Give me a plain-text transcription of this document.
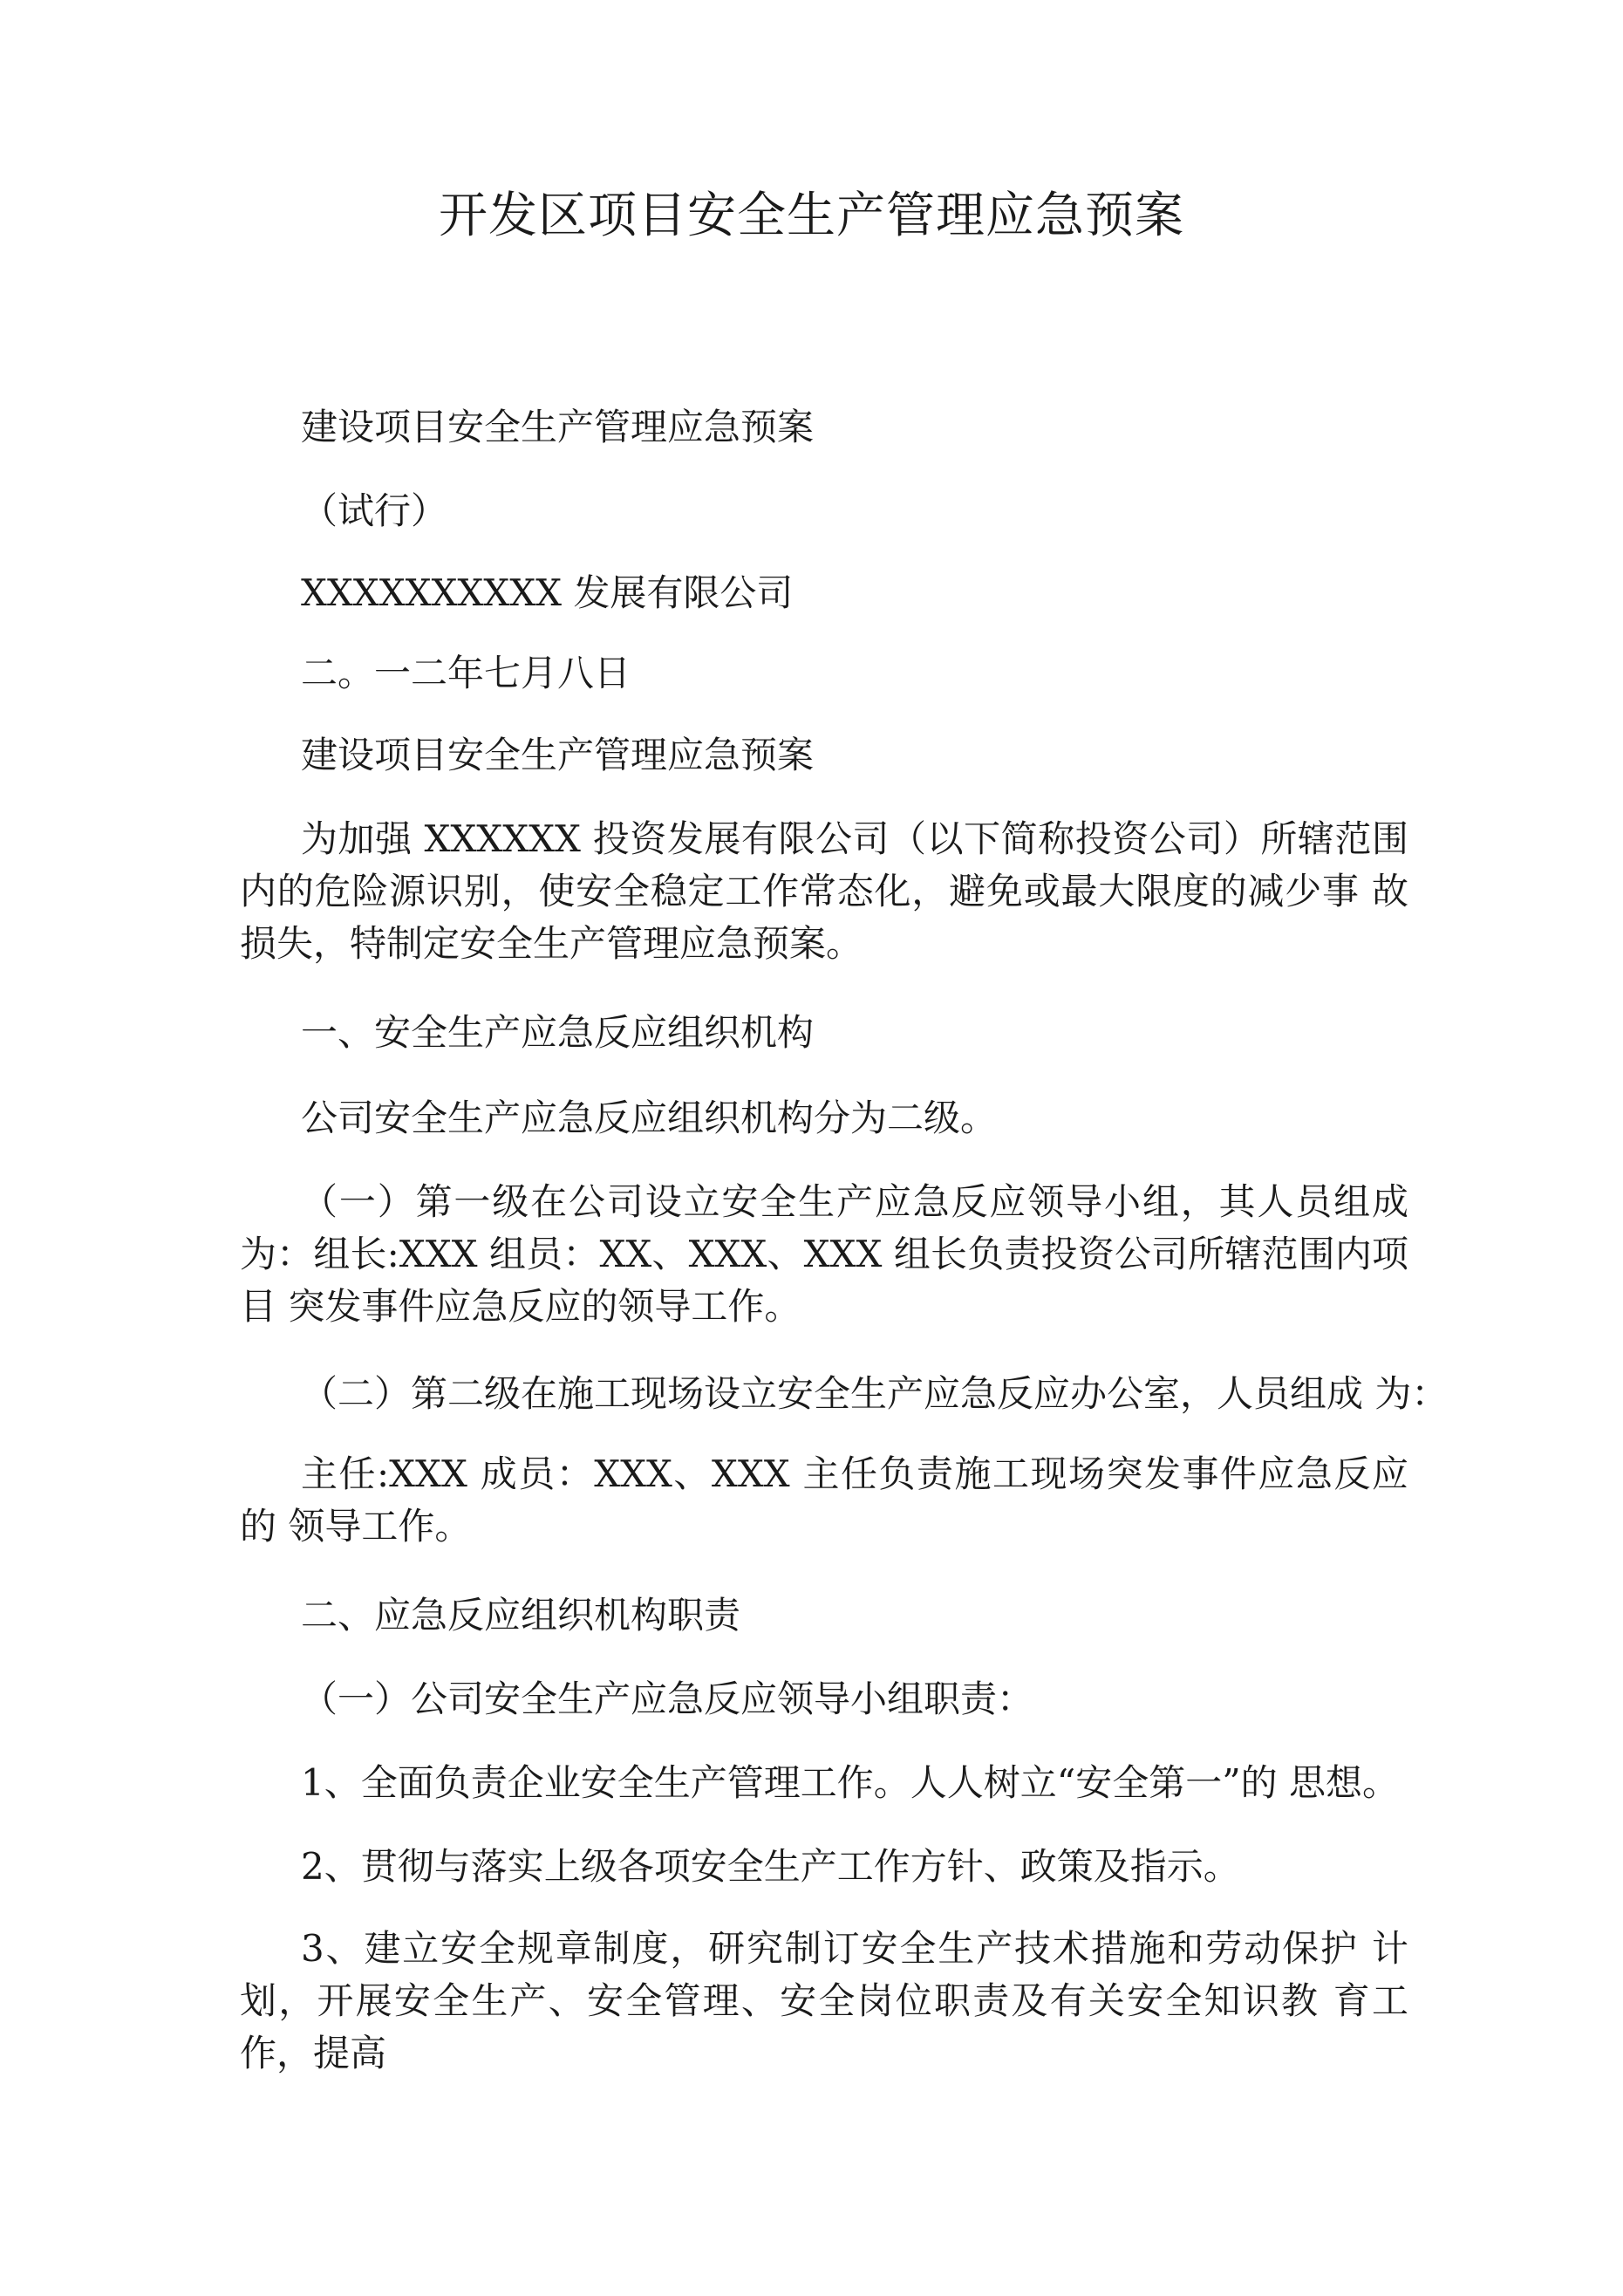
开发区项目安全生产管理应急预案

建设项目安全生产管理应急预案

（试行）

XXXXXXXXXX 发展有限公司

二。一二年七月八日

建设项目安全生产管理应急预案

为加强 XXXXXX 投资发展有限公司（以下简称投资公司）所辖范围 内的危险源识别，使安全稳定工作常态化，避免或最大限度的减少事 故损失，特制定安全生产管理应急预案。

一、安全生产应急反应组织机构

公司安全生产应急反应组织机构分为二级。

（一）第一级在公司设立安全生产应急反应领导小组，其人员组成 为：组长:XXX 组员：XX、XXX、XXX 组长负责投资公司所辖范围内项目 突发事件应急反应的领导工作。

（二）第二级在施工现场设立安全生产应急反应办公室，人员组成 为：

主任:XXX 成员：XXX、XXX 主任负责施工现场突发事件应急反应的 领导工作。

二、应急反应组织机构职责

（一）公司安全生产应急反应领导小组职责：

1、全面负责企业安全生产管理工作。人人树立“安全第一”的 思想。

2、贯彻与落实上级各项安全生产工作方针、政策及指示。

3、建立安全规章制度，研究制订安全生产技术措施和劳动保护 计划，开展安全生产、安全管理、安全岗位职责及有关安全知识教 育工作，提高
